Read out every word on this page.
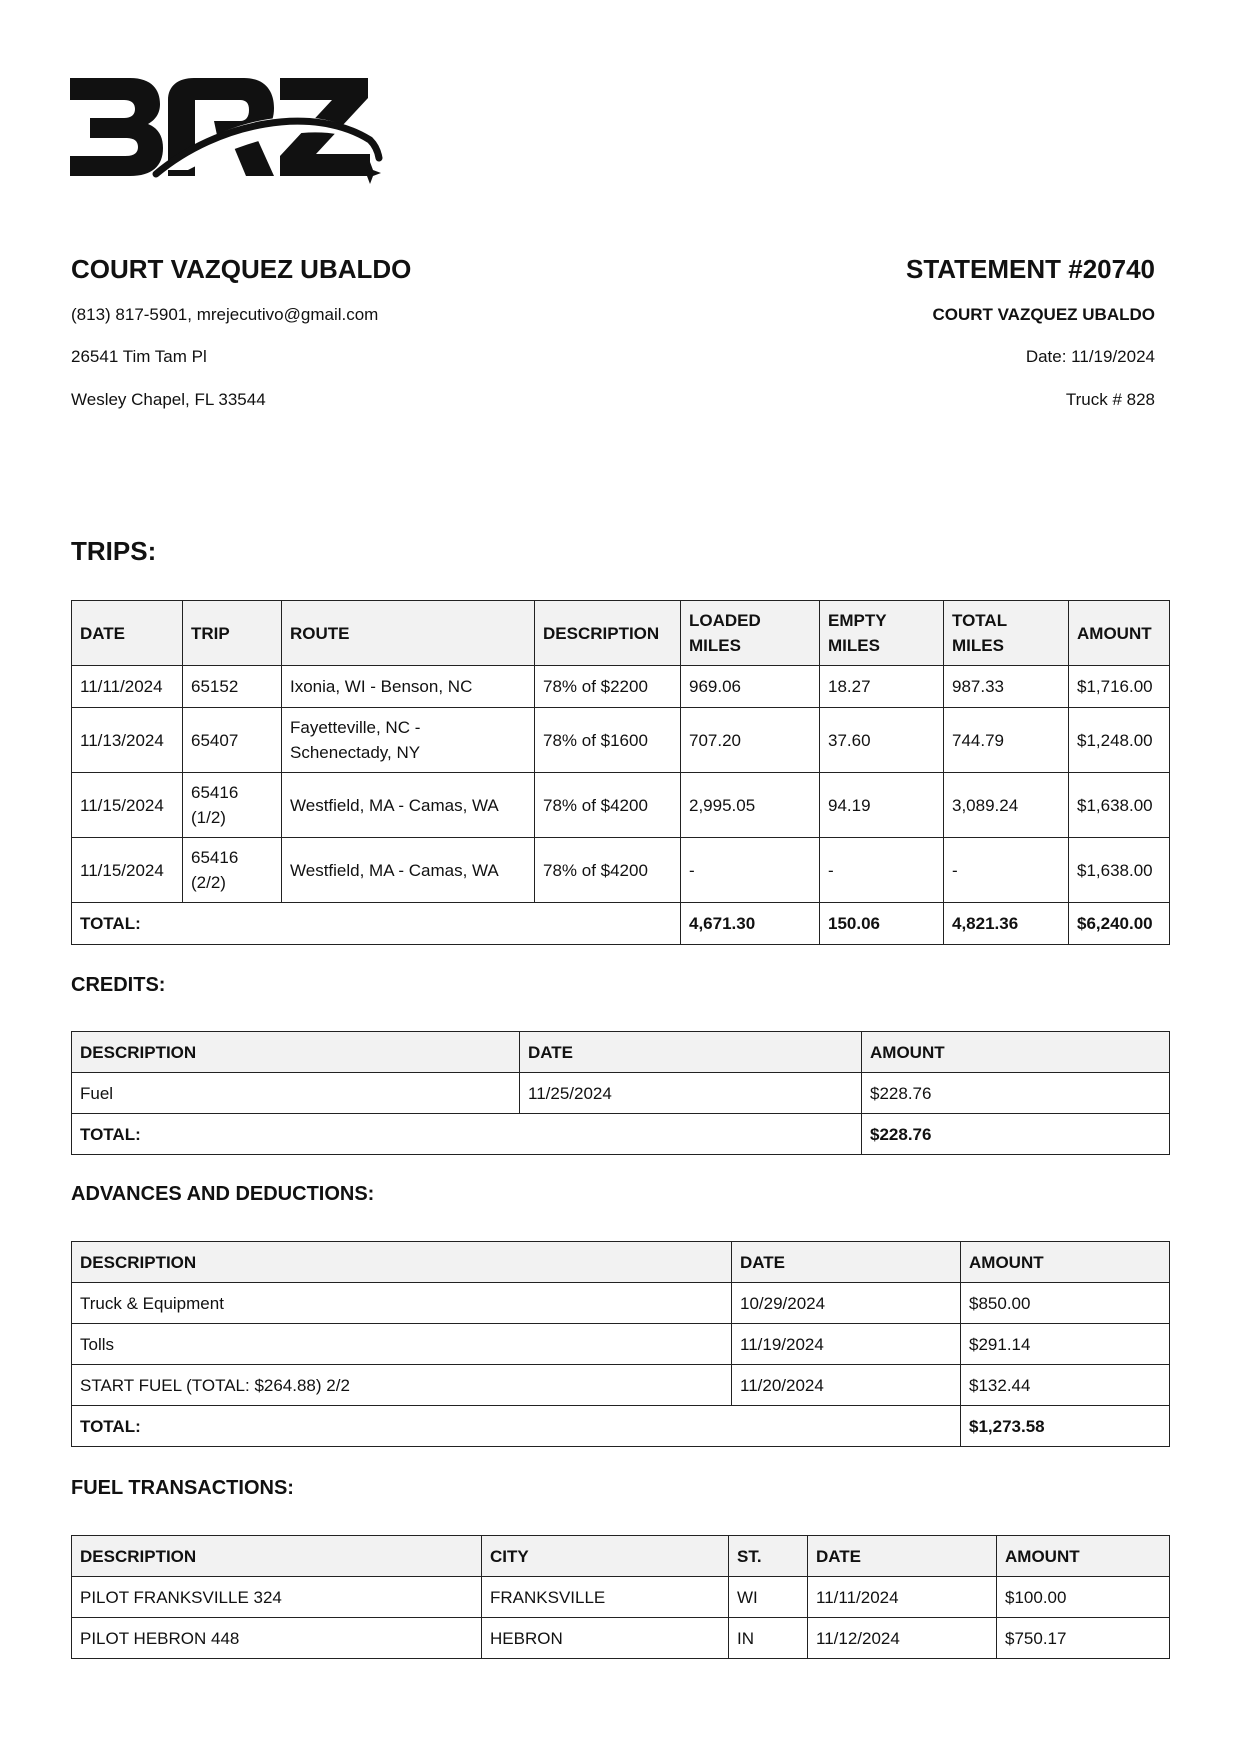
COURT VAZQUEZ UBALDO

(813) 817-5901, mrejecutivo@gmail.com

26541 Tim Tam Pl

Wesley Chapel, FL 33544

STATEMENT #20740

COURT VAZQUEZ UBALDO

Date: 11/19/2024

Truck # 828

TRIPS:

DATE	TRIP	ROUTE	DESCRIPTION	LOADED
MILES	EMPTY
MILES	TOTAL
MILES	AMOUNT
11/11/2024	65152	Ixonia, WI - Benson, NC	78% of $2200	969.06	18.27	987.33	$1,716.00
11/13/2024	65407	Fayetteville, NC -
Schenectady, NY	78% of $1600	707.20	37.60	744.79	$1,248.00
11/15/2024	65416
(1/2)	Westfield, MA - Camas, WA	78% of $4200	2,995.05	94.19	3,089.24	$1,638.00
11/15/2024	65416
(2/2)	Westfield, MA - Camas, WA	78% of $4200	-	-	-	$1,638.00
TOTAL:				4,671.30	150.06	4,821.36	$6,240.00

CREDITS:

DESCRIPTION	DATE	AMOUNT
Fuel	11/25/2024	$228.76
TOTAL:		$228.76

ADVANCES AND DEDUCTIONS:

DESCRIPTION	DATE	AMOUNT
Truck & Equipment	10/29/2024	$850.00
Tolls	11/19/2024	$291.14
START FUEL (TOTAL: $264.88) 2/2	11/20/2024	$132.44
TOTAL:		$1,273.58

FUEL TRANSACTIONS:

DESCRIPTION	CITY	ST.	DATE	AMOUNT
PILOT FRANKSVILLE 324	FRANKSVILLE	WI	11/11/2024	$100.00
PILOT HEBRON 448	HEBRON	IN	11/12/2024	$750.17
